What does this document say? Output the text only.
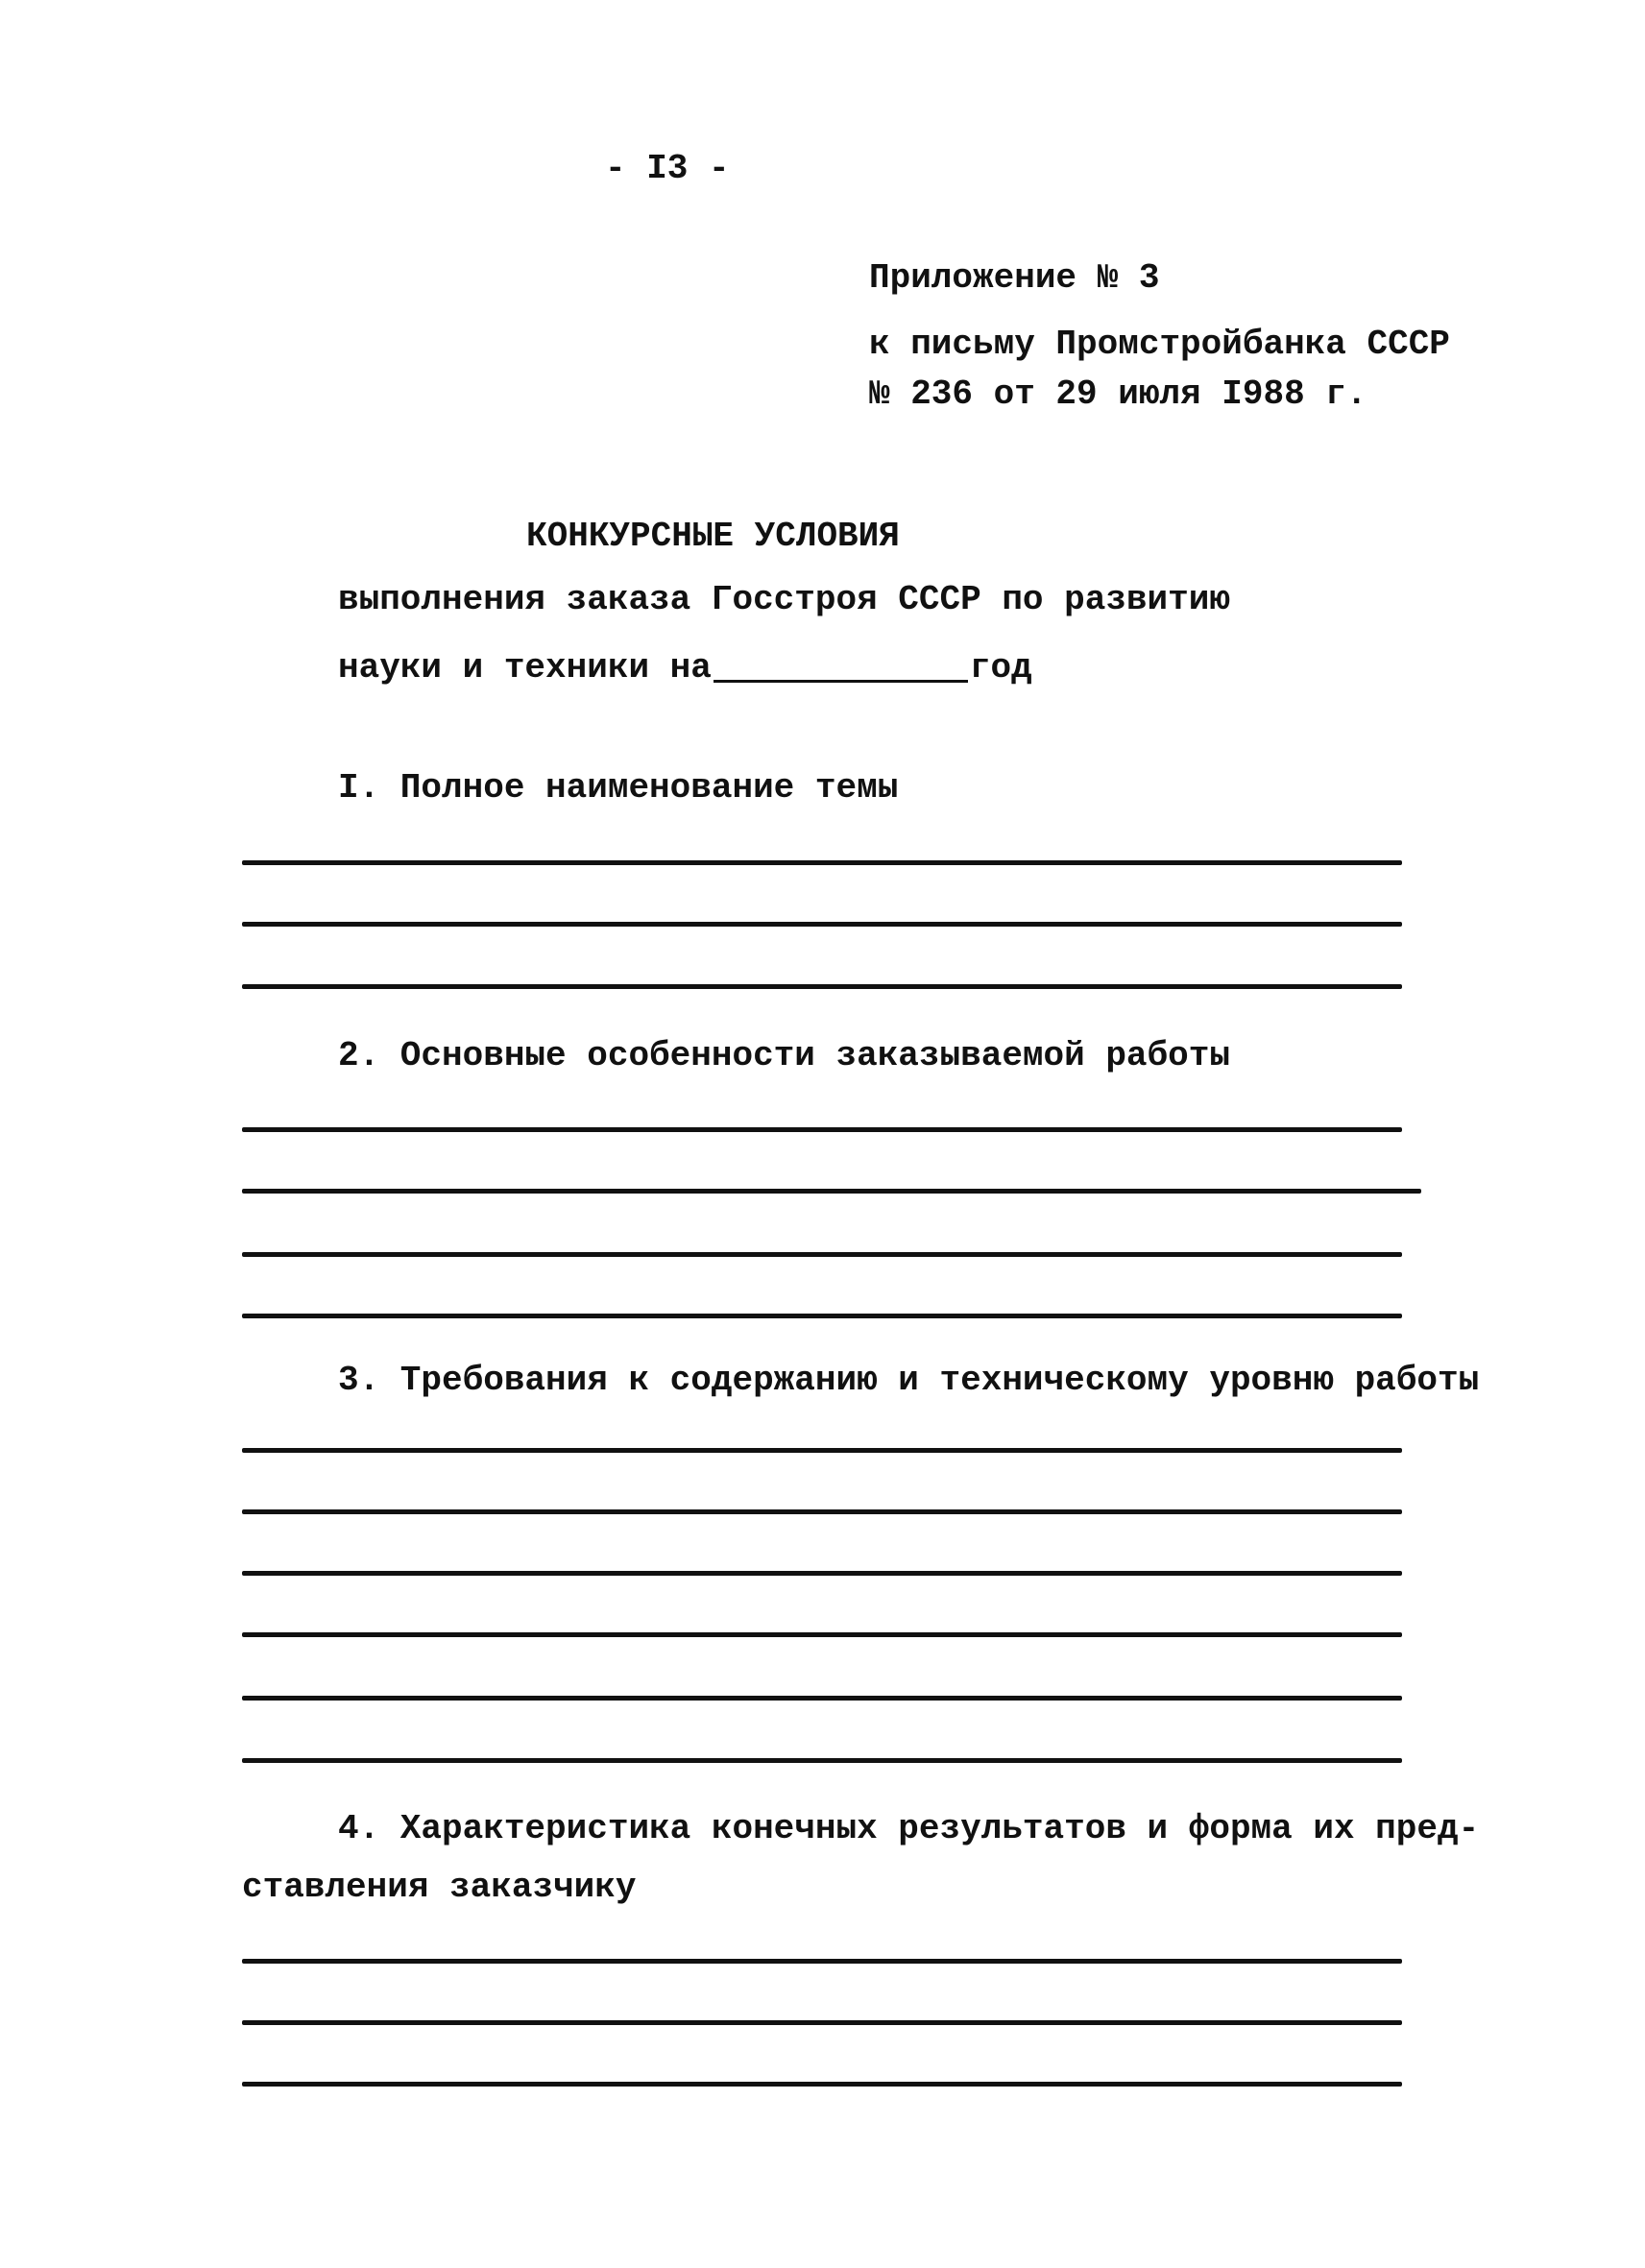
- I3 -
Приложение № 3
к письму Промстройбанка СССР
№ 236 от 29 июля I988 г.
КОНКУРСНЫЕ УСЛОВИЯ
выполнения заказа Госстроя СССР по развитию
науки и техники на	год
I. Полное наименование темы
2. Основные особенности заказываемой работы
3. Требования к содержанию и техническому уровню работы
4. Характеристика конечных результатов и форма их пред-
ставления заказчику
